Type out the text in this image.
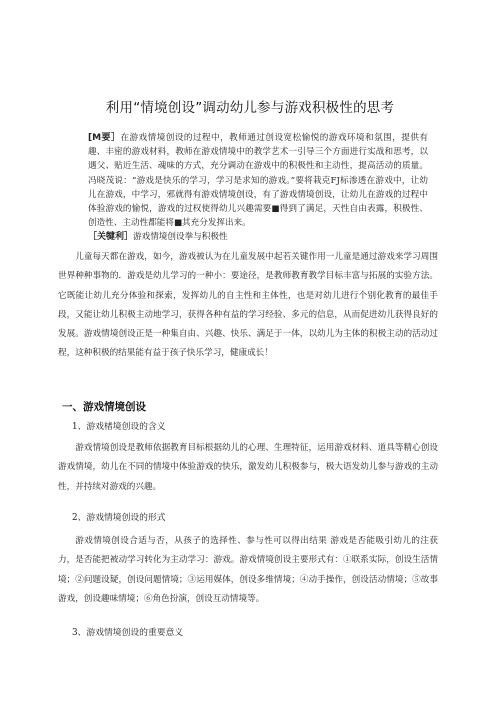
利用“情境创设”调动幼儿参与游戏积极性的思考

[M要］在游戏情境创设的过程中，教师通过创设宽松愉悦的游戏环境和氛围，提供有趣、丰密的游戏材料，教师在游戏情境中的教学艺术一引导三个方面进行实战和思考，以遇父、贴近生活、魂味的方式，充分调动在游戏中的积极性和主动性，提高活动的质量。冯晓茂说：“游戏是快乐的学习，学习是求知的游戏。”要将栽克FJ标渗透在游戏中，让幼儿在游戏，中学习，邪就得有游戏情境创设，有了游戏情境创设，让幼儿在游戏的过程中体验游戏的愉悦，游戏的过权使得幼儿兴趣需要■得到了满足，天性自由表露，积极性、创造性、主动性都能将■其充分发挥出来。

［关犍利］游戏情境创设拳与积极性

儿童每天都在游戏，如今，游戏被认为在儿童发展中起若关键作用一儿童是通过游戏来学习周围世界种种事物的．游戏是幼儿学习的一种小：要途径，是教师教育教学目标丰富与拓展的实验方法。它既能让幼儿充分体验和探索，发挥幼儿的自主性和主体性，也是对幼儿进行个别化教育的最佳手段，又能让幼儿积极主动地学习，获得各种有益的学习经验、多元的信息，从而促进幼儿获得良好的发展。游戏情境创设正是一种集自由、兴趣、快乐、满足于一体，以幼儿为主体的积极主动的活动过程，这种积极的结果能有益于孩子快乐学习，健康成长！

一、游戏情境创设
1、游戏楮境创设的含义

游戏情境创设是教师依据教育目标根据幼儿的心理、生理特征，运用游戏材料、道具等精心创设游戏情境，幼儿在不同的情境中体验游戏的快乐，激发幼儿积极参与，极大语发幼儿参与游戏的主动性，并持续对游戏的兴趣。

2、游戏情境创设的形式

游戏情境创设合适与否，从孩子的选择性、参与性可以得出结果 游戏是否能吸引幼儿的注获力，是否能把被动学习转化为主动学习：游戏。游戏情境创设主要形式有：①联系实际，创设生活情境；②问题设疑，创设问题情境；③运用媒体，创设多维情境；④动手操作，创设活动情境；⑤故事游戏，创设趣味情境；⑥角色扮演，创设互动情境等。

3、游戏情境创设的重要意义
